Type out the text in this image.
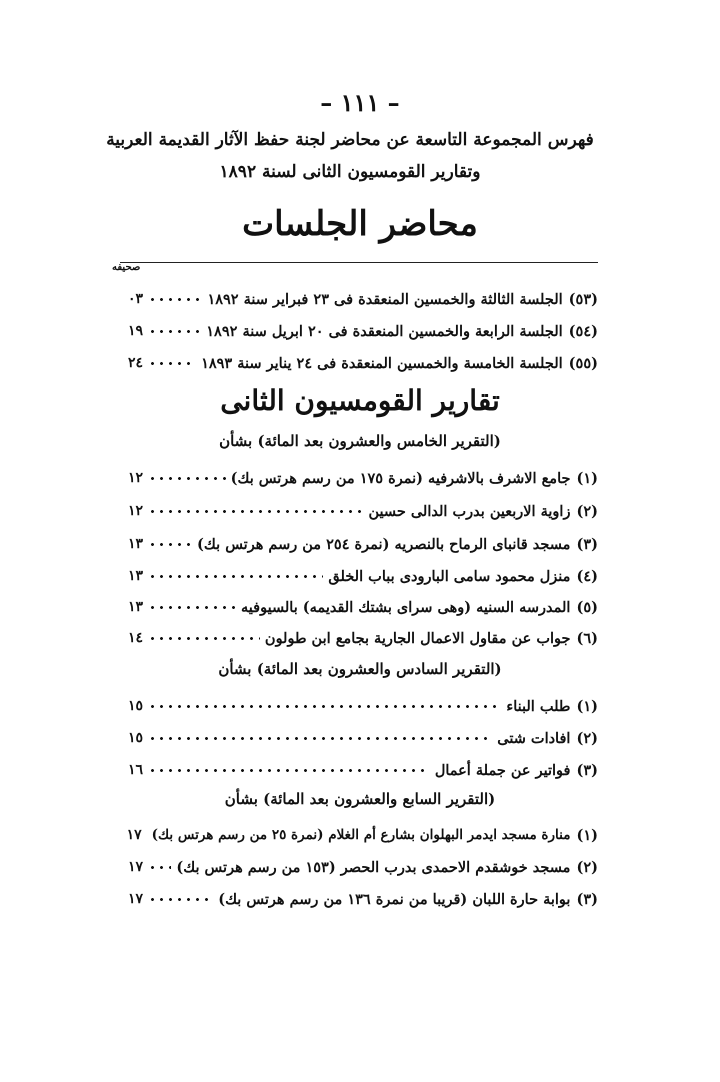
– ١١١ –
فهرس المجموعة التاسعة عن محاضر لجنة حفظ الآثار القديمة العربية
وتقارير القومسيون الثانى لسنة ١٨٩٢
محاضر الجلسات
صحيفه
(٥٣)
الجلسة الثالثة والخمسين المنعقدة فى ٢٣ فبراير سنة ١٨٩٢
٠٣
(٥٤)
الجلسة الرابعة والخمسين المنعقدة فى ٢٠ ابريل سنة ١٨٩٢
١٩
(٥٥)
الجلسة الخامسة والخمسين المنعقدة فى ٢٤ يناير سنة ١٨٩٣
٢٤
تقارير القومسيون الثانى
(التقرير الخامس والعشرون بعد المائة) بشأن
(١)
جامع الاشرف بالاشرفيه (نمرة ١٧٥ من رسم هرتس بك)
١٢
(٢)
زاوية الاربعين بدرب الدالى حسين
١٢
(٣)
مسجد قانباى الرماح بالنصريه (نمرة ٢٥٤ من رسم هرتس بك)
١٣
(٤)
منزل محمود سامى البارودى بباب الخلق
١٣
(٥)
المدرسه السنيه (وهى سراى بشتك القديمه) بالسيوفيه
١٣
(٦)
جواب عن مقاول الاعمال الجارية بجامع ابن طولون
١٤
(التقرير السادس والعشرون بعد المائة) بشأن
(١)
طلب البناء
١٥
(٢)
افادات شتى
١٥
(٣)
فواتير عن جملة أعمال
١٦
(التقرير السابع والعشرون بعد المائة) بشأن
(١)
منارة مسجد ايدمر البهلوان بشارع أم الغلام (نمرة ٢٥ من رسم هرتس بك)
١٧
(٢)
مسجد خوشقدم الاحمدى بدرب الحصر (١٥٣ من رسم هرتس بك)
١٧
(٣)
بوابة حارة اللبان (قريبا من نمرة ١٣٦ من رسم هرتس بك)
١٧
